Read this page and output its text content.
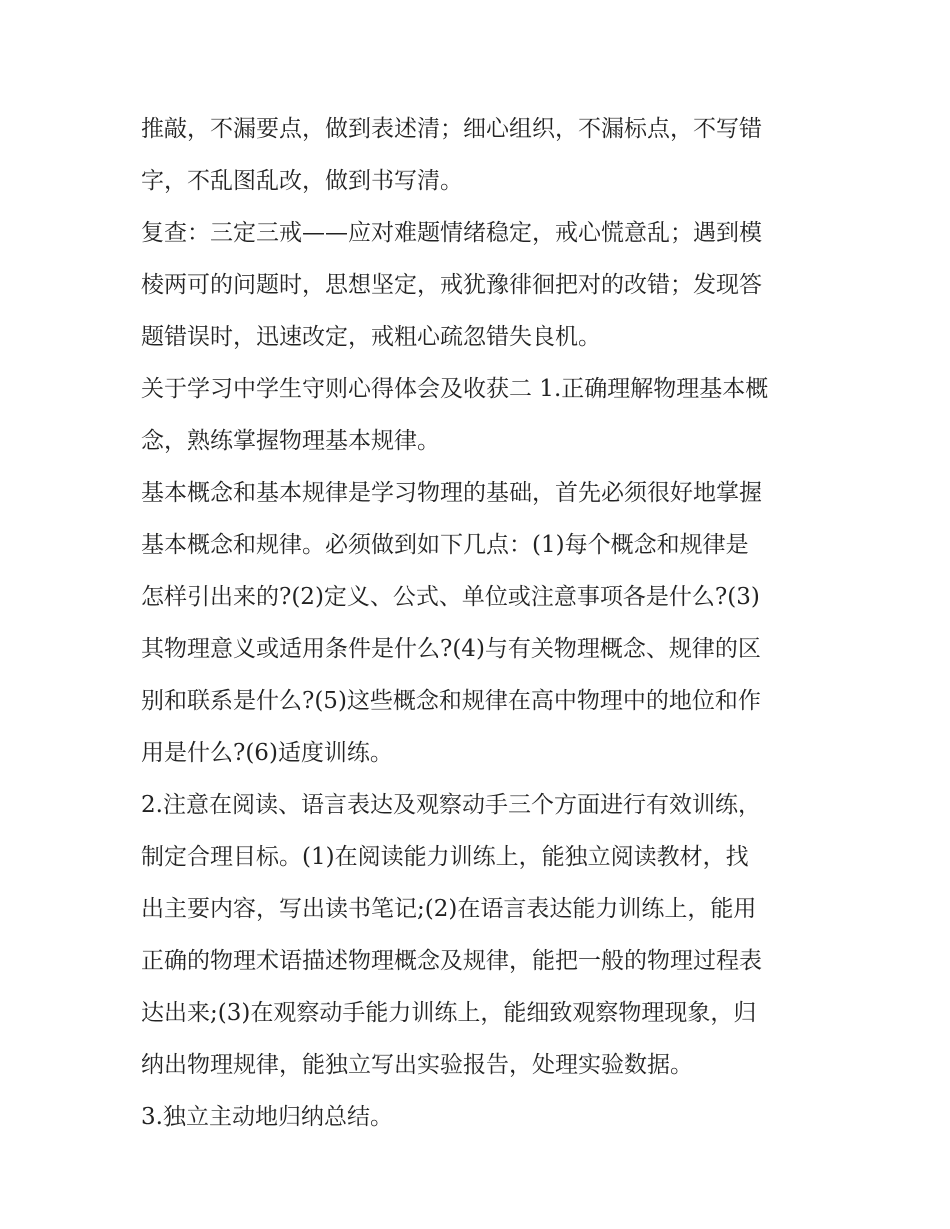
推敲，不漏要点，做到表述清；细心组织，不漏标点，不写错
字，不乱图乱改，做到书写清。
复查：三定三戒——应对难题情绪稳定，戒心慌意乱；遇到模
棱两可的问题时，思想坚定，戒犹豫徘徊把对的改错；发现答
题错误时，迅速改定，戒粗心疏忽错失良机。
关于学习中学生守则心得体会及收获二 1.正确理解物理基本概
念，熟练掌握物理基本规律。
基本概念和基本规律是学习物理的基础，首先必须很好地掌握
基本概念和规律。必须做到如下几点：(1)每个概念和规律是
怎样引出来的?(2)定义、公式、单位或注意事项各是什么?(3)
其物理意义或适用条件是什么?(4)与有关物理概念、规律的区
别和联系是什么?(5)这些概念和规律在高中物理中的地位和作
用是什么?(6)适度训练。
2.注意在阅读、语言表达及观察动手三个方面进行有效训练，
制定合理目标。(1)在阅读能力训练上，能独立阅读教材，找
出主要内容，写出读书笔记;(2)在语言表达能力训练上，能用
正确的物理术语描述物理概念及规律，能把一般的物理过程表
达出来;(3)在观察动手能力训练上，能细致观察物理现象，归
纳出物理规律，能独立写出实验报告，处理实验数据。
3.独立主动地归纳总结。
